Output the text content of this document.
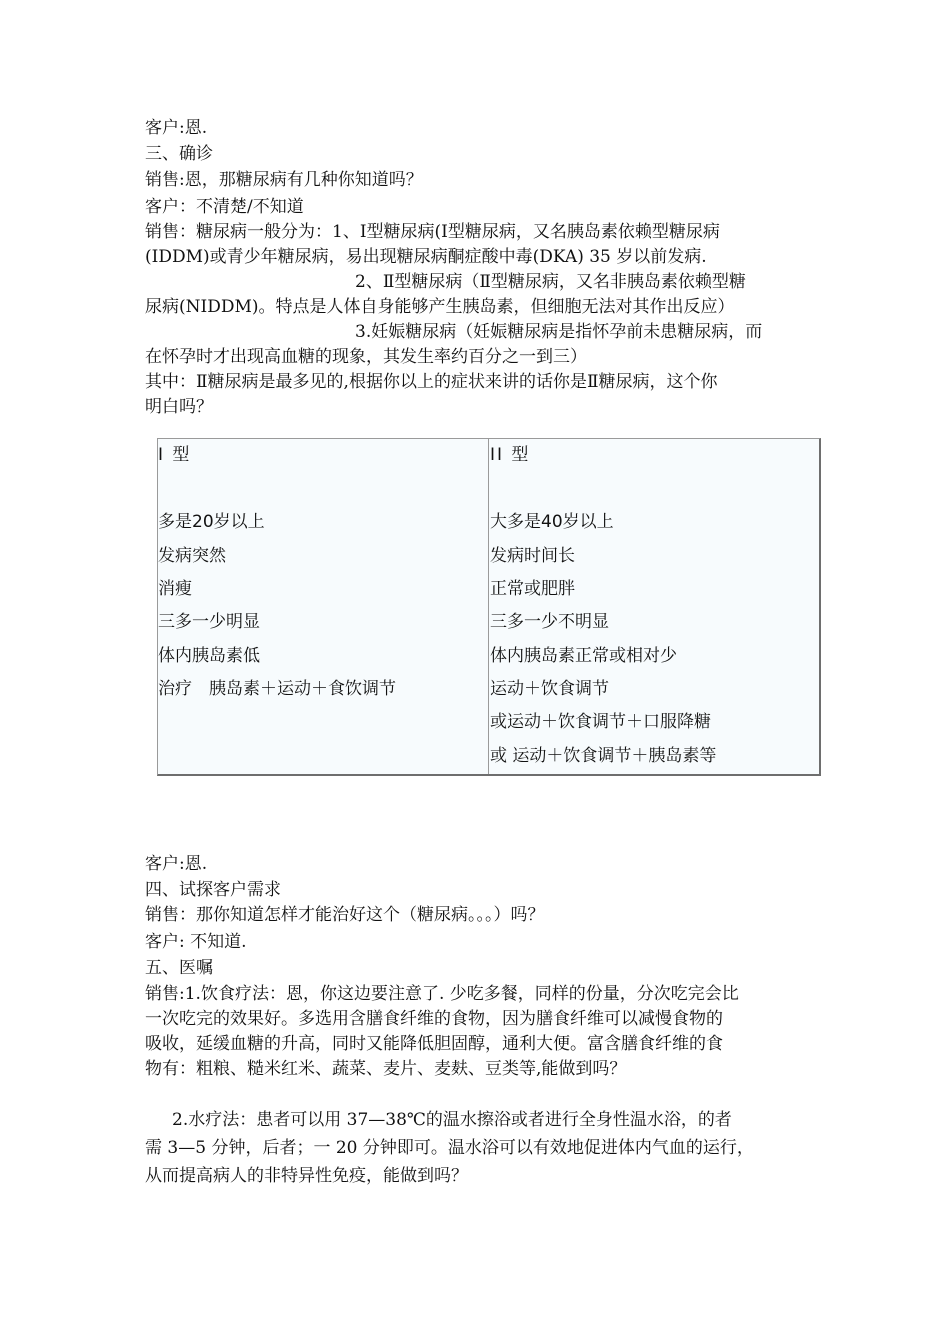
客户:恩.
三、确诊
销售:恩，那糖尿病有几种你知道吗？
客户：不清楚/不知道
销售：糖尿病一般分为：1、Ⅰ型糖尿病(Ⅰ型糖尿病，又名胰岛素依赖型糖尿病
(IDDM)或青少年糖尿病，易出现糖尿病酮症酸中毒(DKA) 35 岁以前发病.
2、Ⅱ型糖尿病（Ⅱ型糖尿病，又名非胰岛素依赖型糖
尿病(NIDDM)。特点是人体自身能够产生胰岛素，但细胞无法对其作出反应）
3.妊娠糖尿病（妊娠糖尿病是指怀孕前未患糖尿病，而
在怀孕时才出现高血糖的现象，其发生率约百分之一到三）
其中：Ⅱ糖尿病是最多见的,根据你以上的症状来讲的话你是Ⅱ糖尿病，这个你
明白吗？
I 型	II 型
多是20岁以上
发病突然
消瘦
三多一少明显
体内胰岛素低
治疗　胰岛素＋运动＋食饮调节
大多是40岁以上
发病时间长
正常或肥胖
三多一少不明显
体内胰岛素正常或相对少
运动＋饮食调节
或运动＋饮食调节＋口服降糖
或 运动＋饮食调节＋胰岛素等
客户:恩.
四、试探客户需求
销售：那你知道怎样才能治好这个（糖尿病。。。）吗？
客户: 不知道.
五、医嘱
销售:1.饮食疗法：恩，你这边要注意了. 少吃多餐，同样的份量，分次吃完会比
一次吃完的效果好。多选用含膳食纤维的食物，因为膳食纤维可以减慢食物的
吸收，延缓血糖的升高，同时又能降低胆固醇，通利大便。富含膳食纤维的食
物有：粗粮、糙米红米、蔬菜、麦片、麦麸、豆类等,能做到吗？
2.水疗法：患者可以用 37—38℃的温水擦浴或者进行全身性温水浴，的者
需 3—5 分钟，后者；一 20 分钟即可。温水浴可以有效地促进体内气血的运行，
从而提高病人的非特异性免疫，能做到吗？
